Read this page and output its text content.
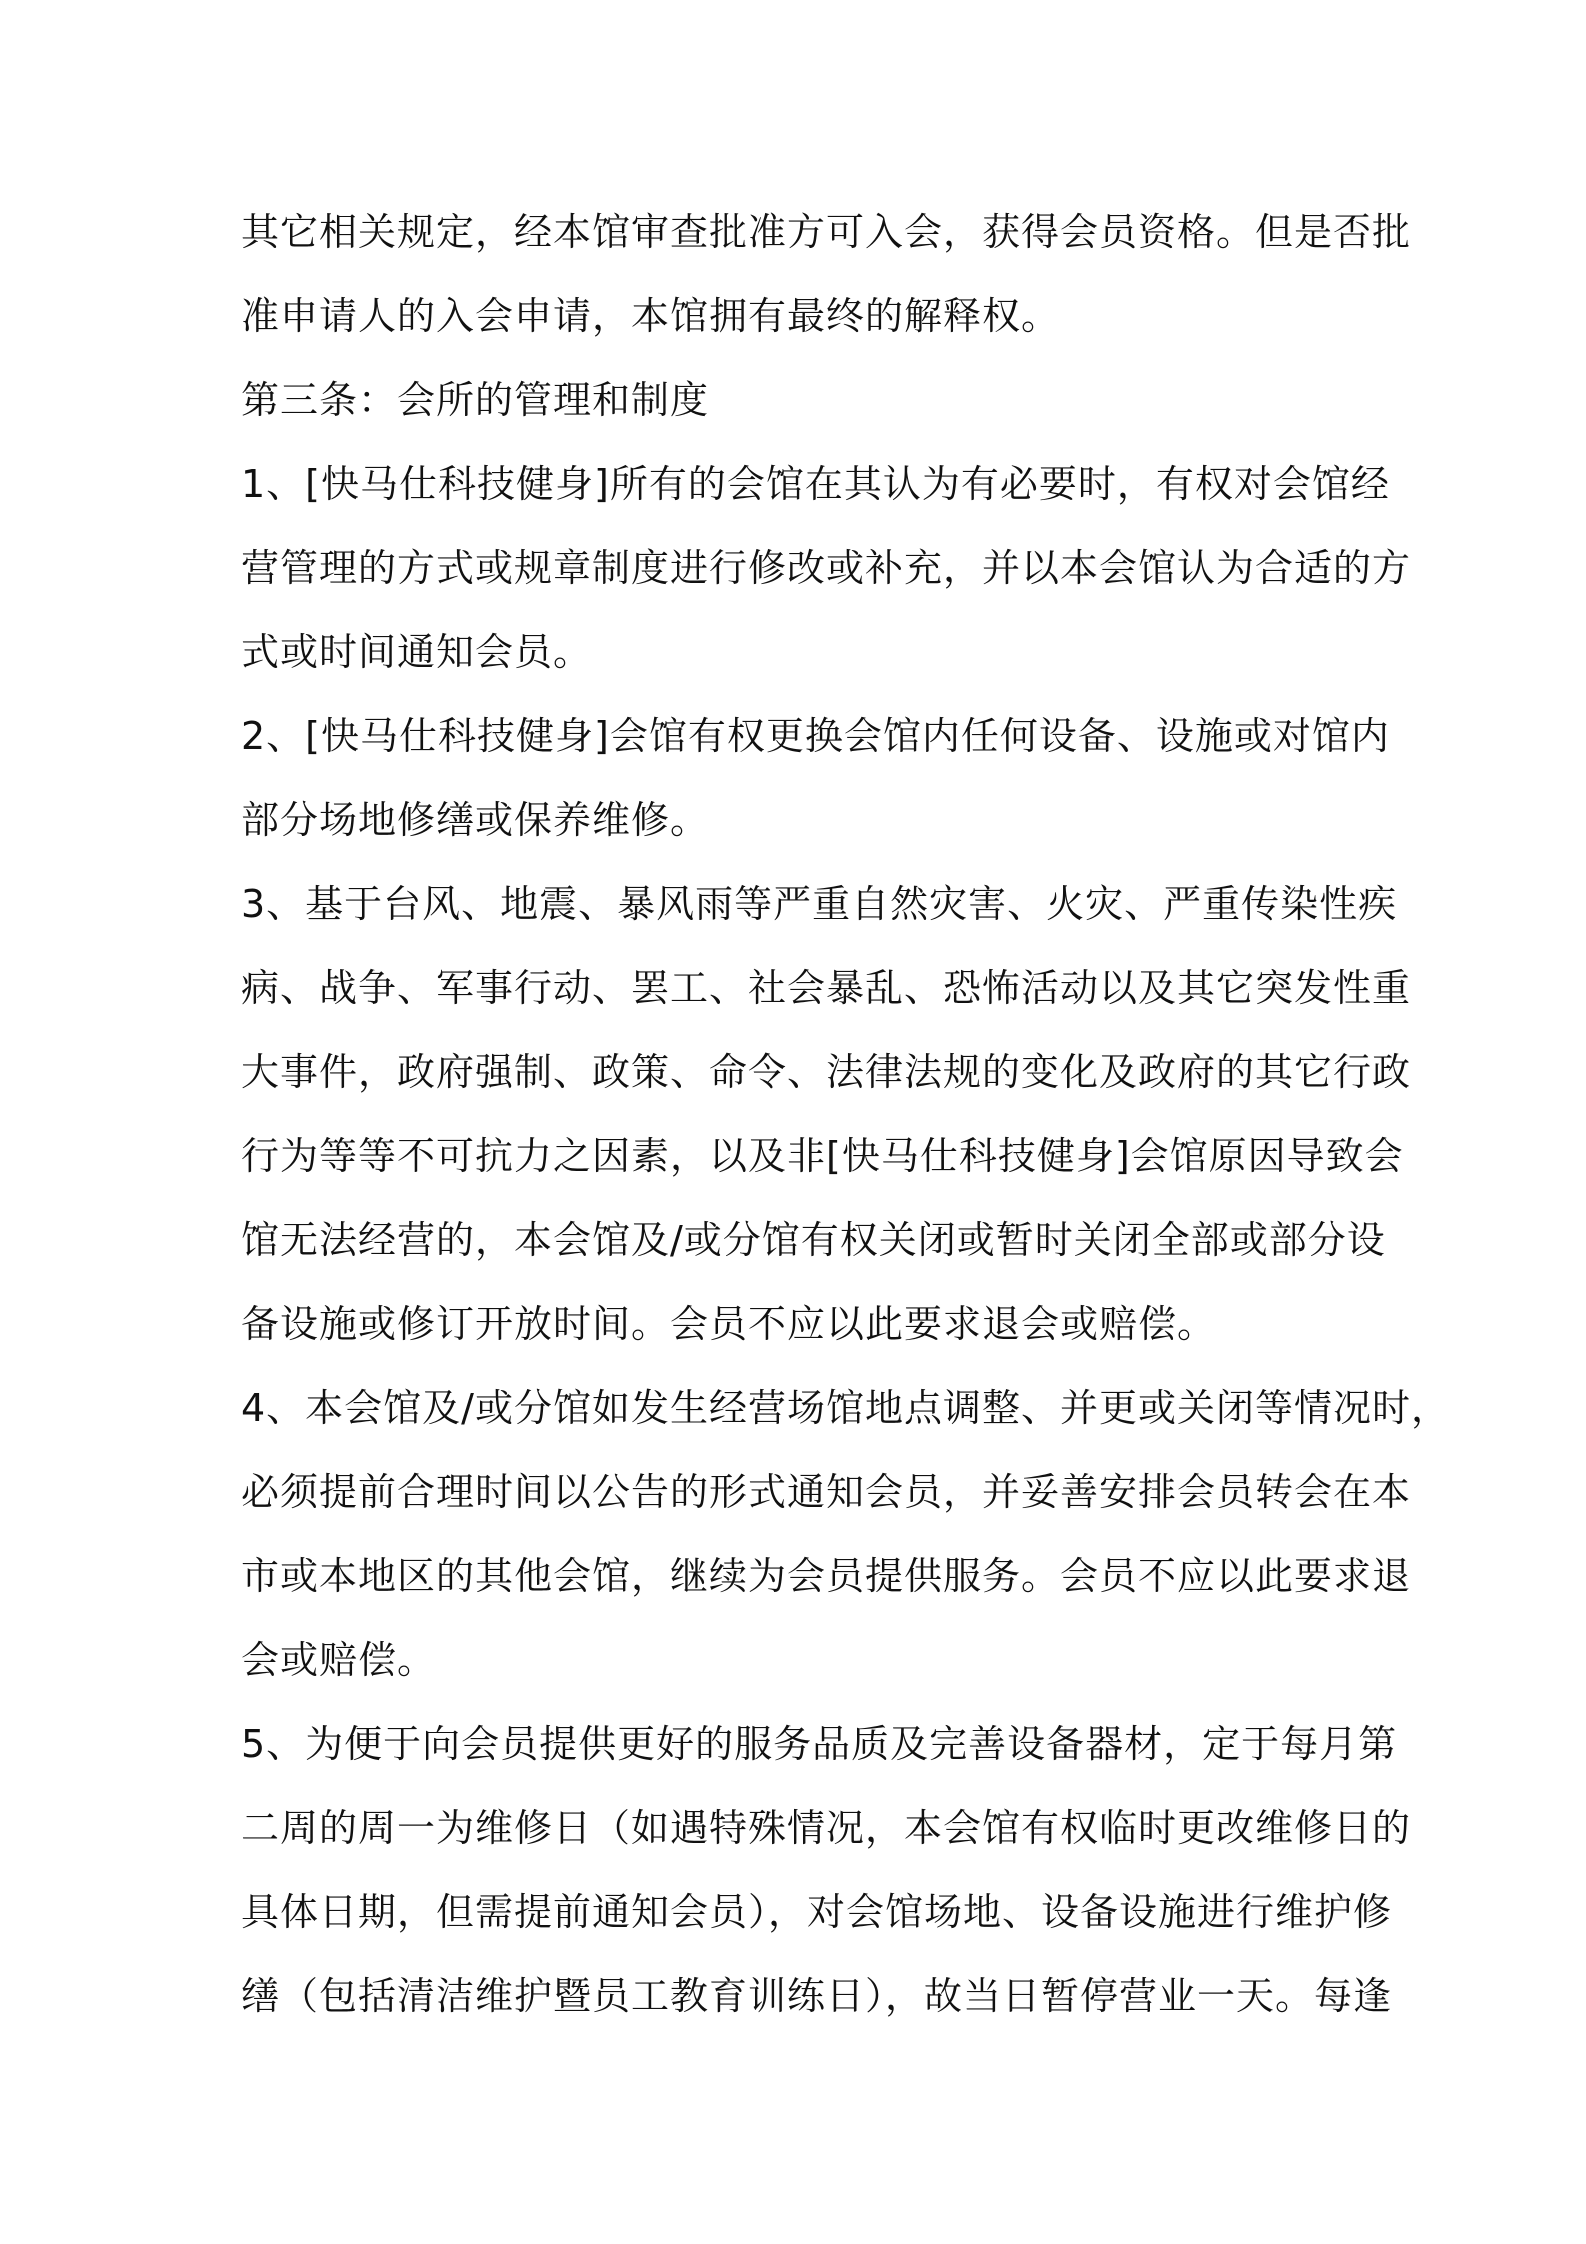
其它相关规定，经本馆审查批准方可入会，获得会员资格。但是否批
准申请人的入会申请，本馆拥有最终的解释权。
第三条：会所的管理和制度
1、[快马仕科技健身]所有的会馆在其认为有必要时，有权对会馆经
营管理的方式或规章制度进行修改或补充，并以本会馆认为合适的方
式或时间通知会员。
2、[快马仕科技健身]会馆有权更换会馆内任何设备、设施或对馆内
部分场地修缮或保养维修。
3、基于台风、地震、暴风雨等严重自然灾害、火灾、严重传染性疾
病、战争、军事行动、罢工、社会暴乱、恐怖活动以及其它突发性重
大事件，政府强制、政策、命令、法律法规的变化及政府的其它行政
行为等等不可抗力之因素，以及非[快马仕科技健身]会馆原因导致会
馆无法经营的，本会馆及/或分馆有权关闭或暂时关闭全部或部分设
备设施或修订开放时间。会员不应以此要求退会或赔偿。
4、本会馆及/或分馆如发生经营场馆地点调整、并更或关闭等情况时，
必须提前合理时间以公告的形式通知会员，并妥善安排会员转会在本
市或本地区的其他会馆，继续为会员提供服务。会员不应以此要求退
会或赔偿。
5、为便于向会员提供更好的服务品质及完善设备器材，定于每月第
二周的周一为维修日（如遇特殊情况，本会馆有权临时更改维修日的
具体日期，但需提前通知会员），对会馆场地、设备设施进行维护修
缮（包括清洁维护暨员工教育训练日），故当日暂停营业一天。每逢
